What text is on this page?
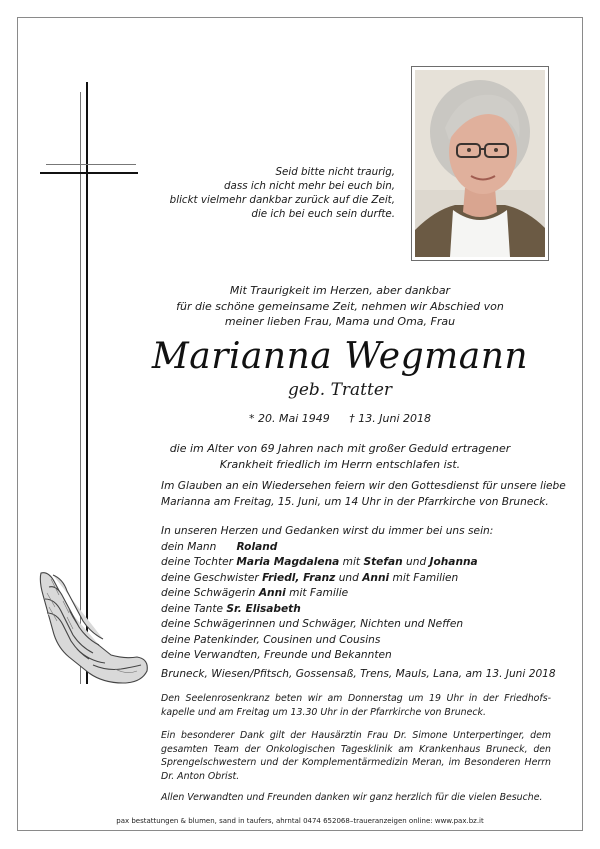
Seid bitte nicht traurig,
dass ich nicht mehr bei euch bin,
blickt vielmehr dankbar zurück auf die Zeit,
die ich bei euch sein durfte.
Mit Traurigkeit im Herzen, aber dankbar
für die schöne gemeinsame Zeit, nehmen wir Abschied von
meiner lieben Frau, Mama und Oma, Frau
Marianna Wegmann
geb. Tratter
* 20. Mai 1949 † 13. Juni 2018
die im Alter von 69 Jahren nach mit großer Geduld ertragener
Krankheit friedlich im Herrn entschlafen ist.
Im Glauben an ein Wiedersehen feiern wir den Gottesdienst für unsere liebe
Marianna am Freitag, 15. Juni, um 14 Uhr in der Pfarrkirche von Bruneck.
In unseren Herzen und Gedanken wirst du immer bei uns sein:
dein Mann Roland
deine Tochter Maria Magdalena mit Stefan und Johanna
deine Geschwister Friedl, Franz und Anni mit Familien
deine Schwägerin Anni mit Familie
deine Tante Sr. Elisabeth
deine Schwägerinnen und Schwäger, Nichten und Neffen
deine Patenkinder, Cousinen und Cousins
deine Verwandten, Freunde und Bekannten
Bruneck, Wiesen/Pfitsch, Gossensaß, Trens, Mauls, Lana, am 13. Juni 2018
Den Seelenrosenkranz beten wir am Donnerstag um 19 Uhr in der Friedhofs-kapelle und am Freitag um 13.30 Uhr in der Pfarrkirche von Bruneck.
Ein besonderer Dank gilt der Hausärztin Frau Dr. Simone Unterpertinger, dem gesamten Team der Onkologischen Tagesklinik am Krankenhaus Bruneck, den Sprengelschwestern und der Komplementärmedizin Meran, im Besonderen Herrn Dr. Anton Obrist.
Allen Verwandten und Freunden danken wir ganz herzlich für die vielen Besuche.
pax bestattungen & blumen, sand in taufers, ahrntal 0474 652068–traueranzeigen online: www.pax.bz.it
